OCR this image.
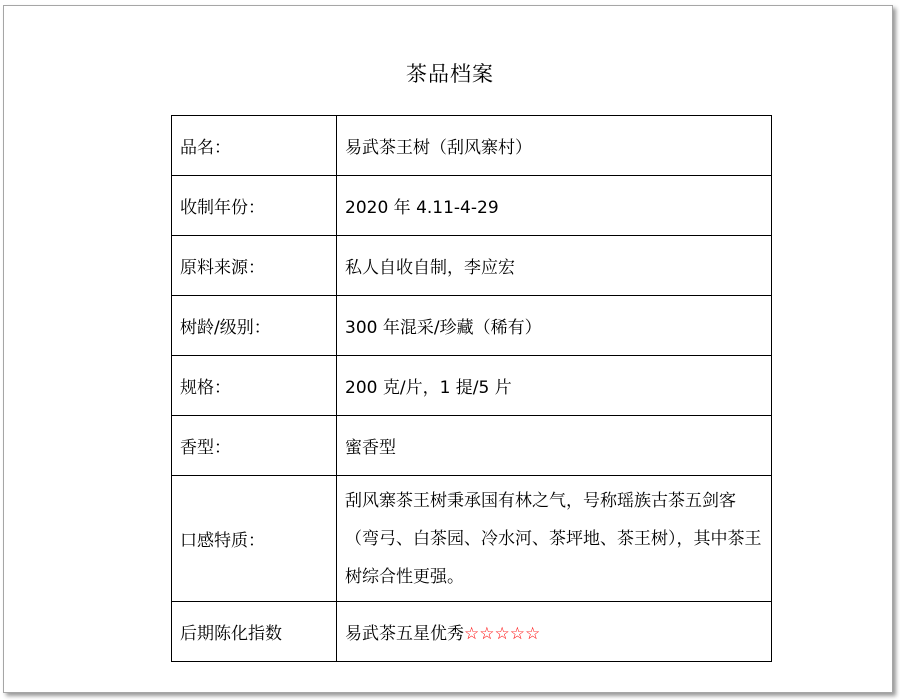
茶品档案
品名：	易武茶王树（刮风寨村）
收制年份：	2020 年 4.11-4-29
原料来源：	私人自收自制，李应宏
树龄/级别：	300 年混采/珍藏（稀有）
规格：	200 克/片，1 提/5 片
香型：	蜜香型
口感特质：	刮风寨茶王树秉承国有林之气，号称瑶族古茶五剑客（弯弓、白茶园、冷水河、茶坪地、茶王树），其中茶王树综合性更强。
后期陈化指数	易武茶五星优秀☆☆☆☆☆
